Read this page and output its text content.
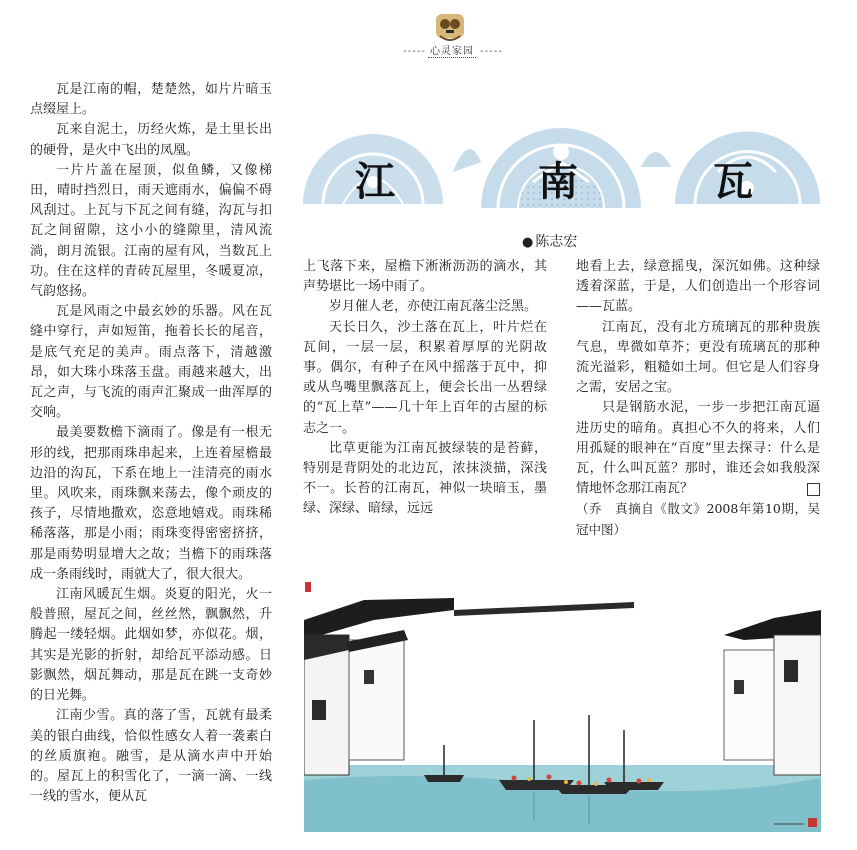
- - - - - 心灵家园 - - - - -
江	南	瓦
● 陈志宏

瓦是江南的帽，楚楚然，如片片暗玉点缀屋上。

瓦来自泥土，历经火炼，是土里长出的硬骨，是火中飞出的凤凰。

一片片盖在屋顶，似鱼鳞，又像梯田，晴时挡烈日，雨天遮雨水，偏偏不碍风刮过。上瓦与下瓦之间有缝，沟瓦与扣瓦之间留隙，这小小的缝隙里，清风流淌，朗月流银。江南的屋有风，当数瓦上功。住在这样的青砖瓦屋里，冬暖夏凉，气韵悠扬。

瓦是风雨之中最玄妙的乐器。风在瓦缝中穿行，声如短笛，拖着长长的尾音，是底气充足的美声。雨点落下，清越激昂，如大珠小珠落玉盘。雨越来越大，出瓦之声，与飞流的雨声汇聚成一曲浑厚的交响。

最美要数檐下滴雨了。像是有一根无形的线，把那雨珠串起来，上连着屋檐最边沿的沟瓦，下系在地上一洼清亮的雨水里。风吹来，雨珠飘来荡去，像个顽皮的孩子，尽情地撒欢，恣意地嬉戏。雨珠稀稀落落，那是小雨；雨珠变得密密挤挤，那是雨势明显增大之故；当檐下的雨珠落成一条雨线时，雨就大了，很大很大。

江南风暖瓦生烟。炎夏的阳光，火一般普照，屋瓦之间，丝丝然，飘飘然，升腾起一缕轻烟。此烟如梦，亦似花。烟，其实是光影的折射，却给瓦平添动感。日影飘然，烟瓦舞动，那是瓦在跳一支奇妙的日光舞。

江南少雪。真的落了雪，瓦就有最柔美的银白曲线，恰似性感女人着一袭素白的丝质旗袍。融雪，是从滴水声中开始的。屋瓦上的积雪化了，一滴一滴、一线一线的雪水，便从瓦

上飞落下来，屋檐下淅淅沥沥的滴水，其声势堪比一场中雨了。

岁月催人老，亦使江南瓦落尘泛黑。

天长日久，沙土落在瓦上，叶片烂在瓦间，一层一层，积累着厚厚的光阴故事。偶尔，有种子在风中摇落于瓦中，抑或从鸟嘴里飘落瓦上，便会长出一丛碧绿的“瓦上草”——几十年上百年的古屋的标志之一。

比草更能为江南瓦披绿装的是苔藓，特别是背阴处的北边瓦，浓抹淡描，深浅不一。长苔的江南瓦，神似一块暗玉，墨绿、深绿、暗绿，远远

地看上去，绿意摇曳，深沉如佛。这种绿透着深蓝，于是，人们创造出一个形容词——瓦蓝。

江南瓦，没有北方琉璃瓦的那种贵族气息，卑微如草芥；更没有琉璃瓦的那种流光溢彩，粗糙如土坷。但它是人们容身之需，安居之宝。

只是钢筋水泥，一步一步把江南瓦逼进历史的暗角。真担心不久的将来，人们用孤疑的眼神在“百度”里去探寻：什么是瓦，什么叫瓦蓝？那时，谁还会如我般深情地怀念那江南瓦？

（乔　真摘自《散文》2008年第10期，吴冠中图）
